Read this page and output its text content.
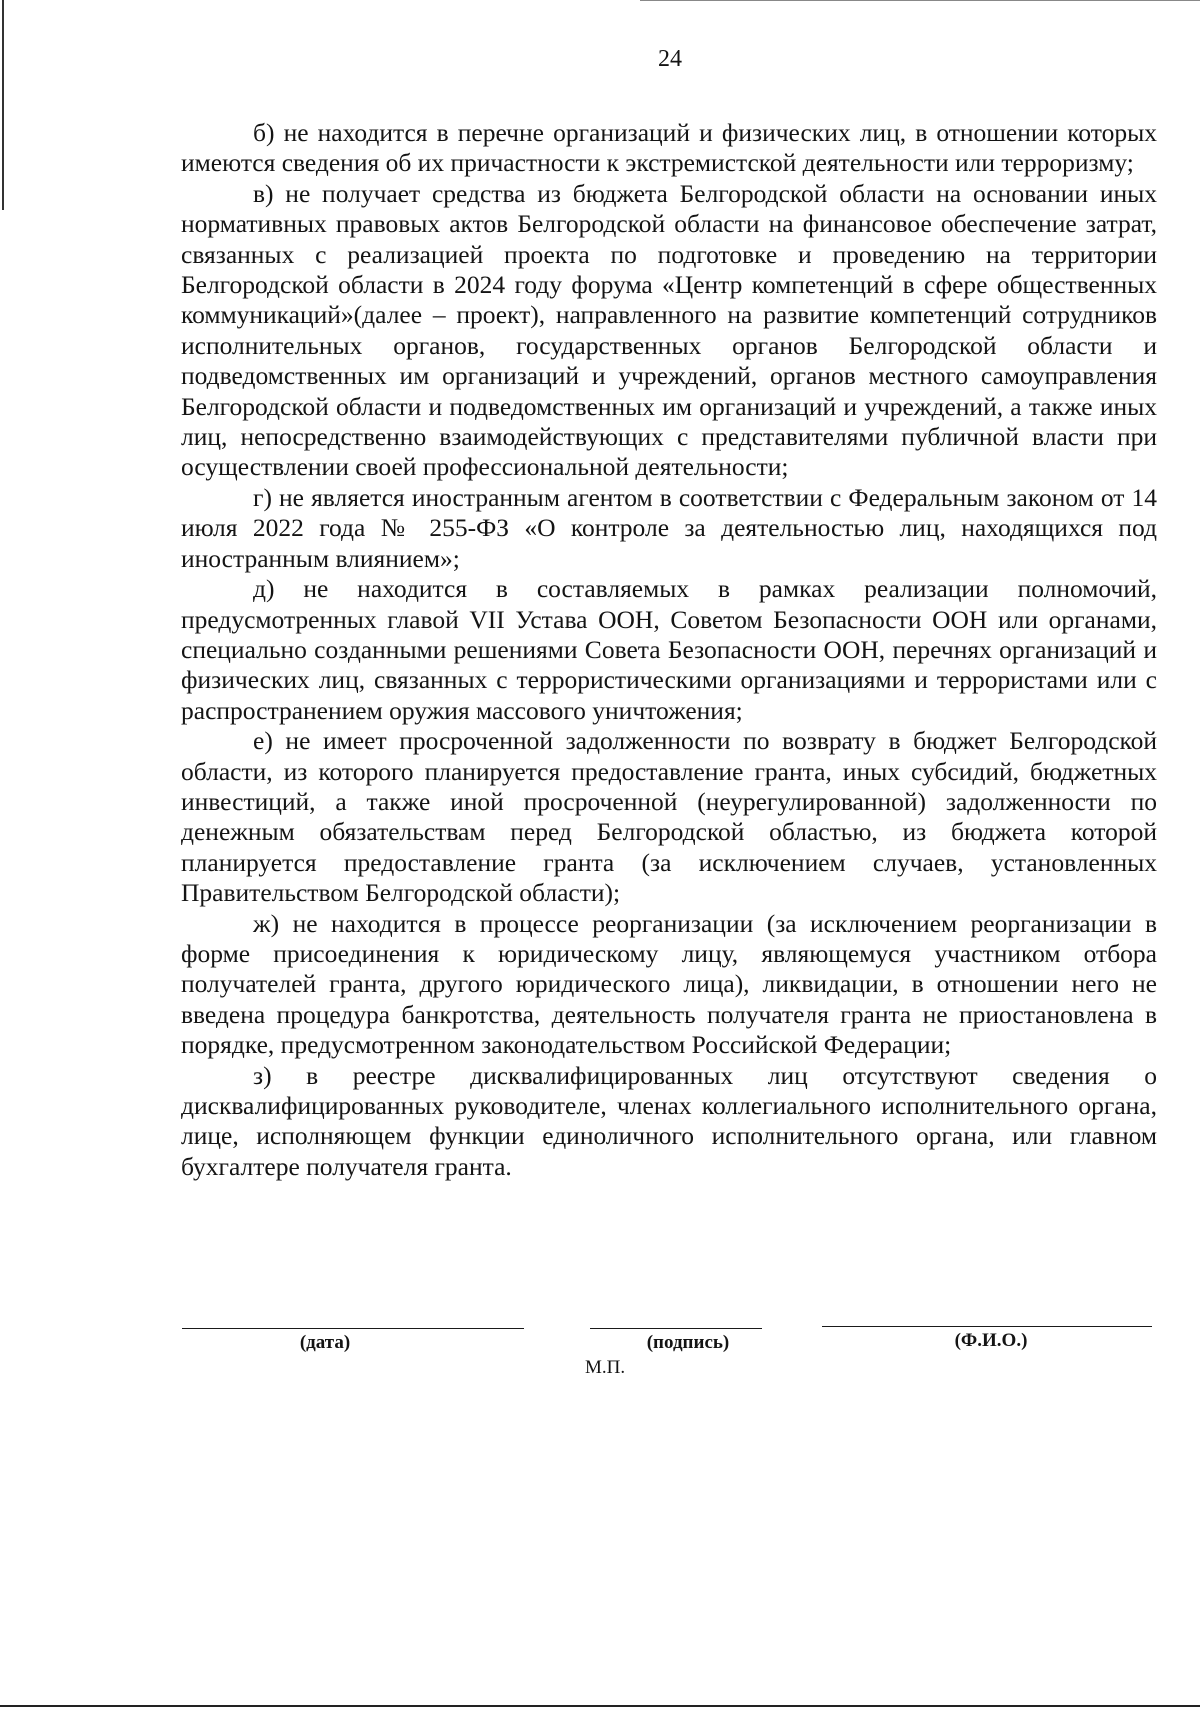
24

б) не находится в перечне организаций и физических лиц, в отношении которых имеются сведения об их причастности к экстремистской деятельности или терроризму;

в) не получает средства из бюджета Белгородской области на основании иных нормативных правовых актов Белгородской области на финансовое обеспечение затрат, связанных с реализацией проекта по подготовке и проведению на территории Белгородской области в 2024 году форума «Центр компетенций в сфере общественных коммуникаций»(далее – проект), направленного на развитие компетенций сотрудников исполнительных органов, государственных органов Белгородской области и подведомственных им организаций и учреждений, органов местного самоуправления Белгородской области и подведомственных им организаций и учреждений, а также иных лиц, непосредственно взаимодействующих с представителями публичной власти при осуществлении своей профессиональной деятельности;

г) не является иностранным агентом в соответствии с Федеральным законом от 14 июля 2022 года № 255-ФЗ «О контроле за деятельностью лиц, находящихся под иностранным влиянием»;

д) не находится в составляемых в рамках реализации полномочий, предусмотренных главой VII Устава ООН, Советом Безопасности ООН или органами, специально созданными решениями Совета Безопасности ООН, перечнях организаций и физических лиц, связанных с террористическими организациями и террористами или с распространением оружия массового уничтожения;

е) не имеет просроченной задолженности по возврату в бюджет Белгородской области, из которого планируется предоставление гранта, иных субсидий, бюджетных инвестиций, а также иной просроченной (неурегулированной) задолженности по денежным обязательствам перед Белгородской областью, из бюджета которой планируется предоставление гранта (за исключением случаев, установленных Правительством Белгородской области);

ж) не находится в процессе реорганизации (за исключением реорганизации в форме присоединения к юридическому лицу, являющемуся участником отбора получателей гранта, другого юридического лица), ликвидации, в отношении него не введена процедура банкротства, деятельность получателя гранта не приостановлена в порядке, предусмотренном законодательством Российской Федерации;

з) в реестре дисквалифицированных лиц отсутствуют сведения о дисквалифицированных руководителе, членах коллегиального исполнительного органа, лице, исполняющем функции единоличного исполнительного органа, или главном бухгалтере получателя гранта.

(дата)	(подпись)	(Ф.И.О.)
М.П.
